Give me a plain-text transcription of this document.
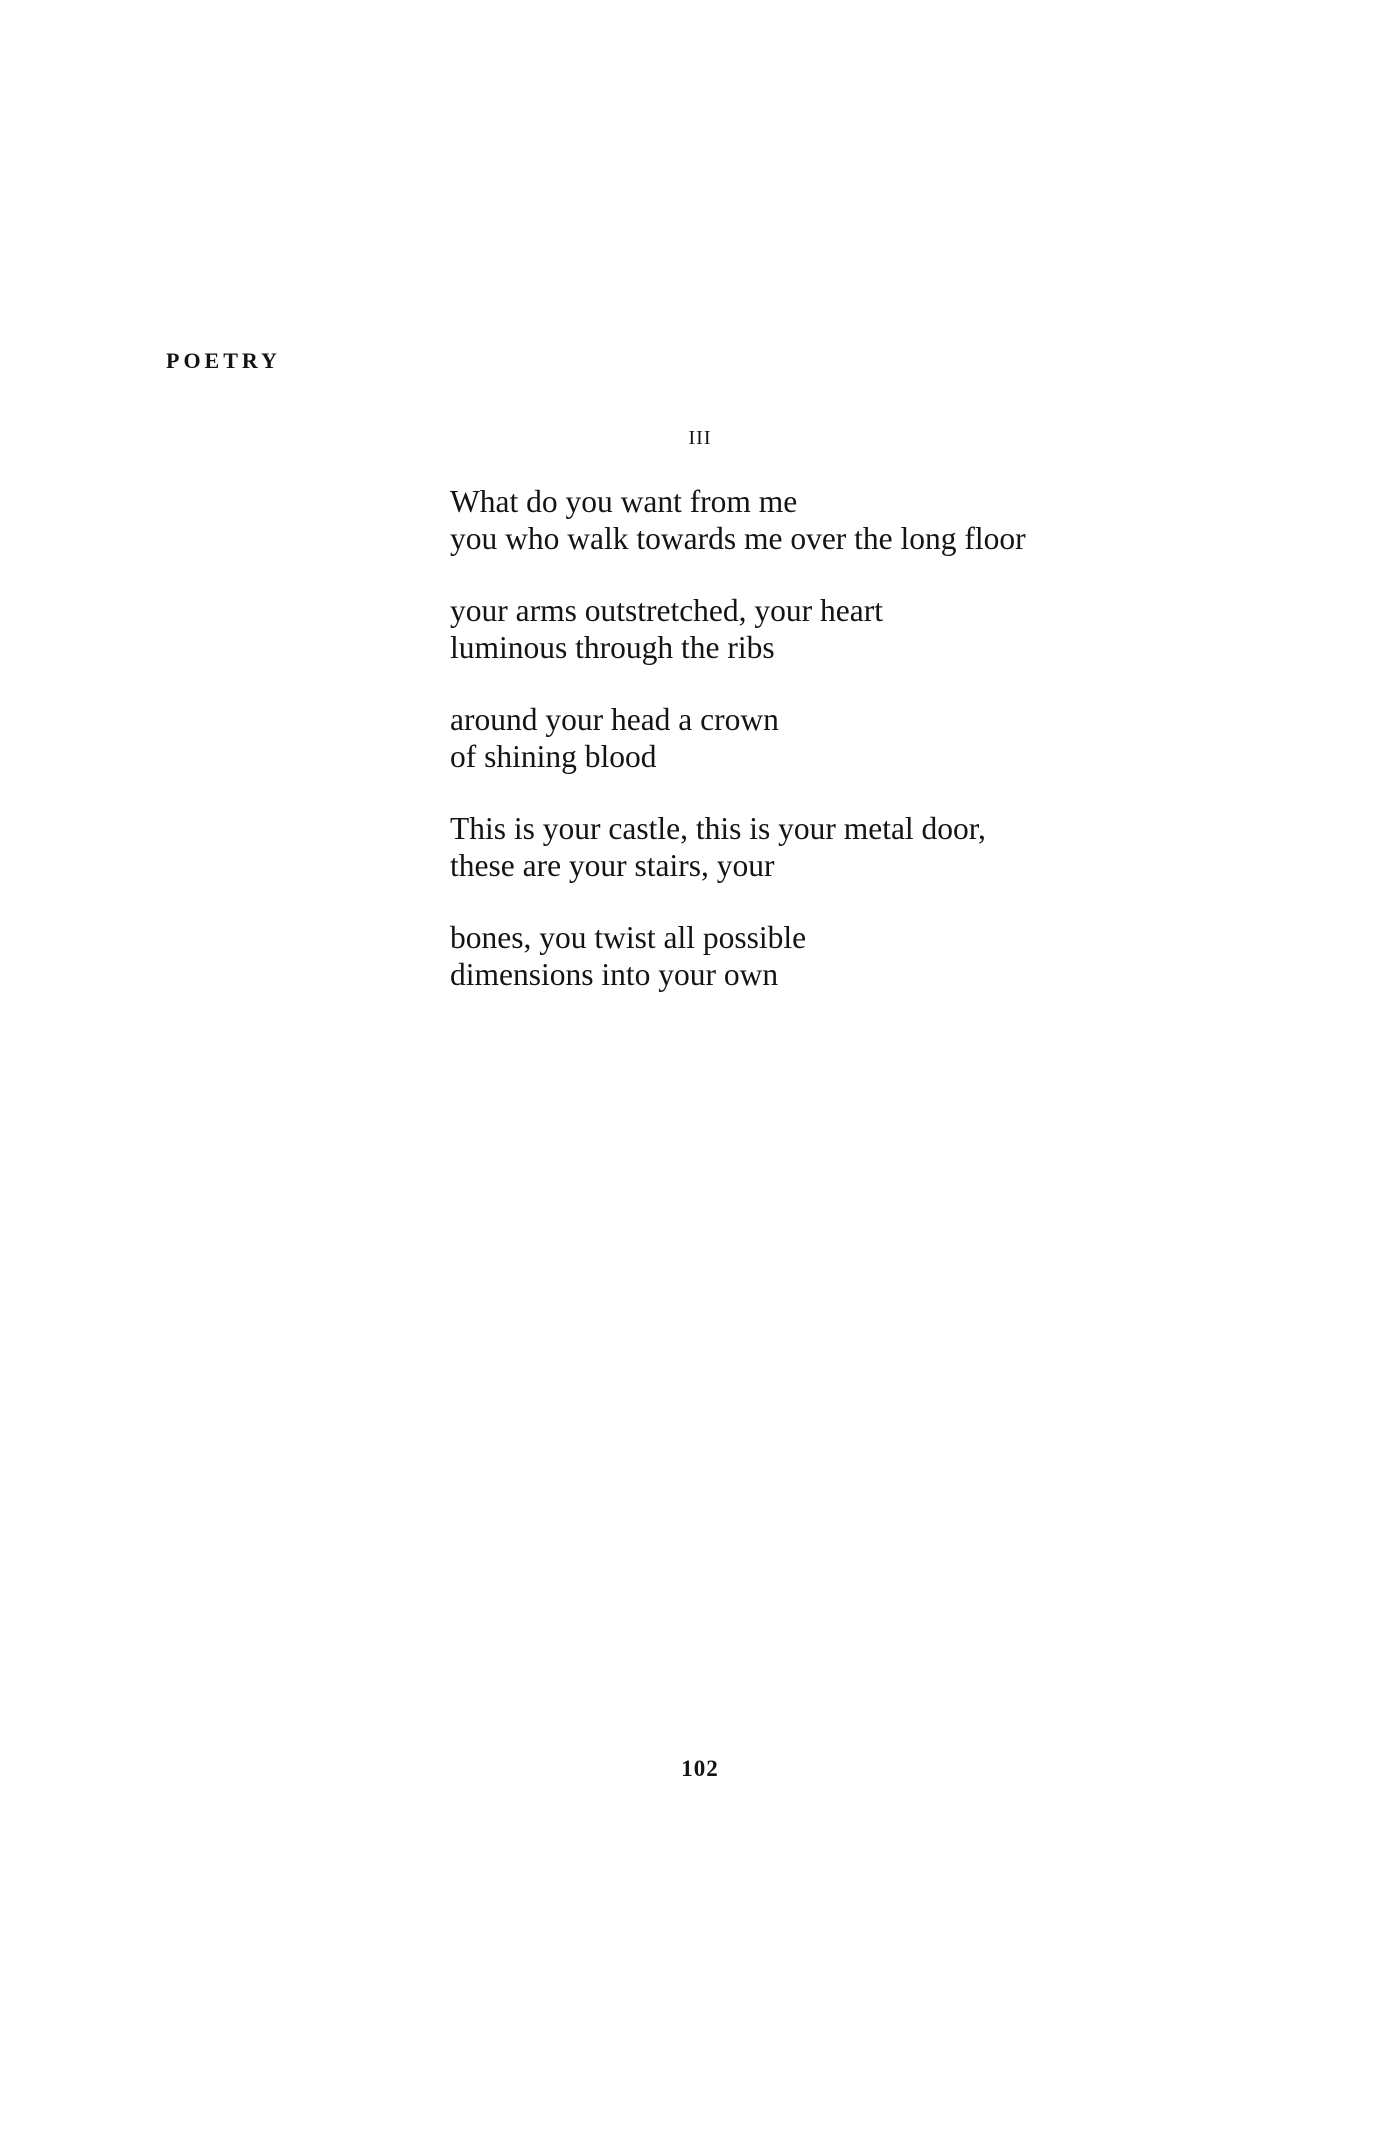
POETRY
III
What do you want from me
you who walk towards me over the long floor
your arms outstretched, your heart
luminous through the ribs
around your head a crown
of shining blood
This is your castle, this is your metal door,
these are your stairs, your
bones, you twist all possible
dimensions into your own
102
